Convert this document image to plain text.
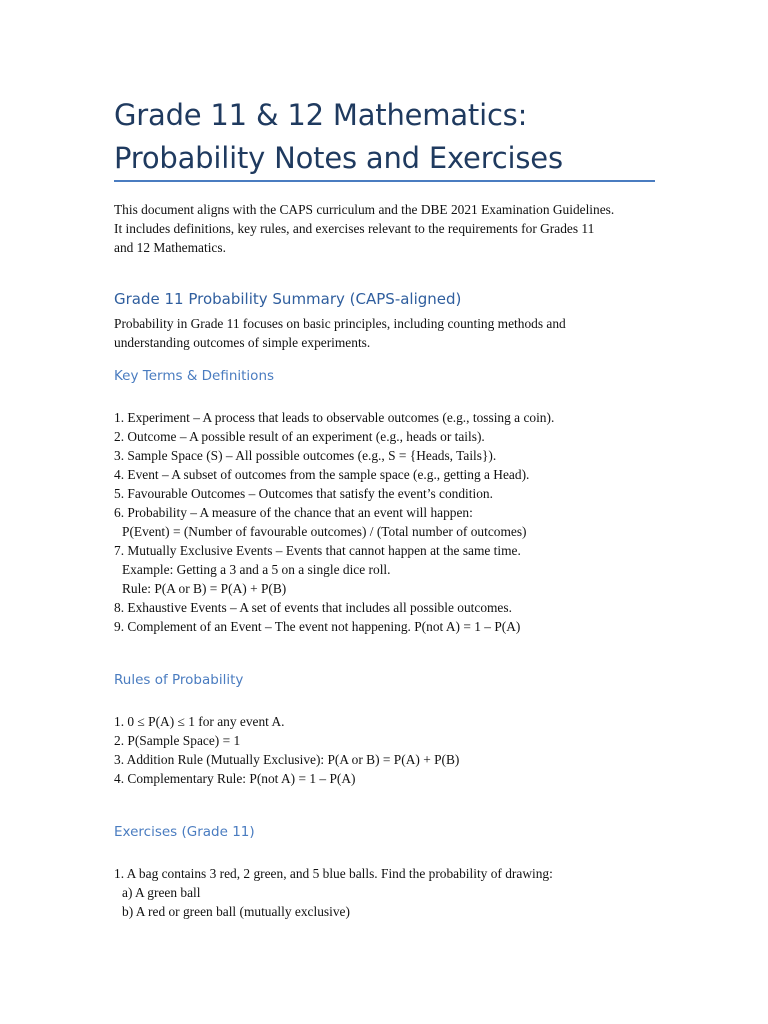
Grade 11 & 12 Mathematics:
Probability Notes and Exercises

This document aligns with the CAPS curriculum and the DBE 2021 Examination Guidelines.
It includes definitions, key rules, and exercises relevant to the requirements for Grades 11
and 12 Mathematics.

Grade 11 Probability Summary (CAPS-aligned)

Probability in Grade 11 focuses on basic principles, including counting methods and
understanding outcomes of simple experiments.

Key Terms & Definitions
1. Experiment – A process that leads to observable outcomes (e.g., tossing a coin).
2. Outcome – A possible result of an experiment (e.g., heads or tails).
3. Sample Space (S) – All possible outcomes (e.g., S = {Heads, Tails}).
4. Event – A subset of outcomes from the sample space (e.g., getting a Head).
5. Favourable Outcomes – Outcomes that satisfy the event’s condition.
6. Probability – A measure of the chance that an event will happen:
P(Event) = (Number of favourable outcomes) / (Total number of outcomes)
7. Mutually Exclusive Events – Events that cannot happen at the same time.
Example: Getting a 3 and a 5 on a single dice roll.
Rule: P(A or B) = P(A) + P(B)
8. Exhaustive Events – A set of events that includes all possible outcomes.
9. Complement of an Event – The event not happening. P(not A) = 1 – P(A)
Rules of Probability
1. 0 ≤ P(A) ≤ 1 for any event A.
2. P(Sample Space) = 1
3. Addition Rule (Mutually Exclusive): P(A or B) = P(A) + P(B)
4. Complementary Rule: P(not A) = 1 – P(A)
Exercises (Grade 11)
1. A bag contains 3 red, 2 green, and 5 blue balls. Find the probability of drawing:
a) A green ball
b) A red or green ball (mutually exclusive)
